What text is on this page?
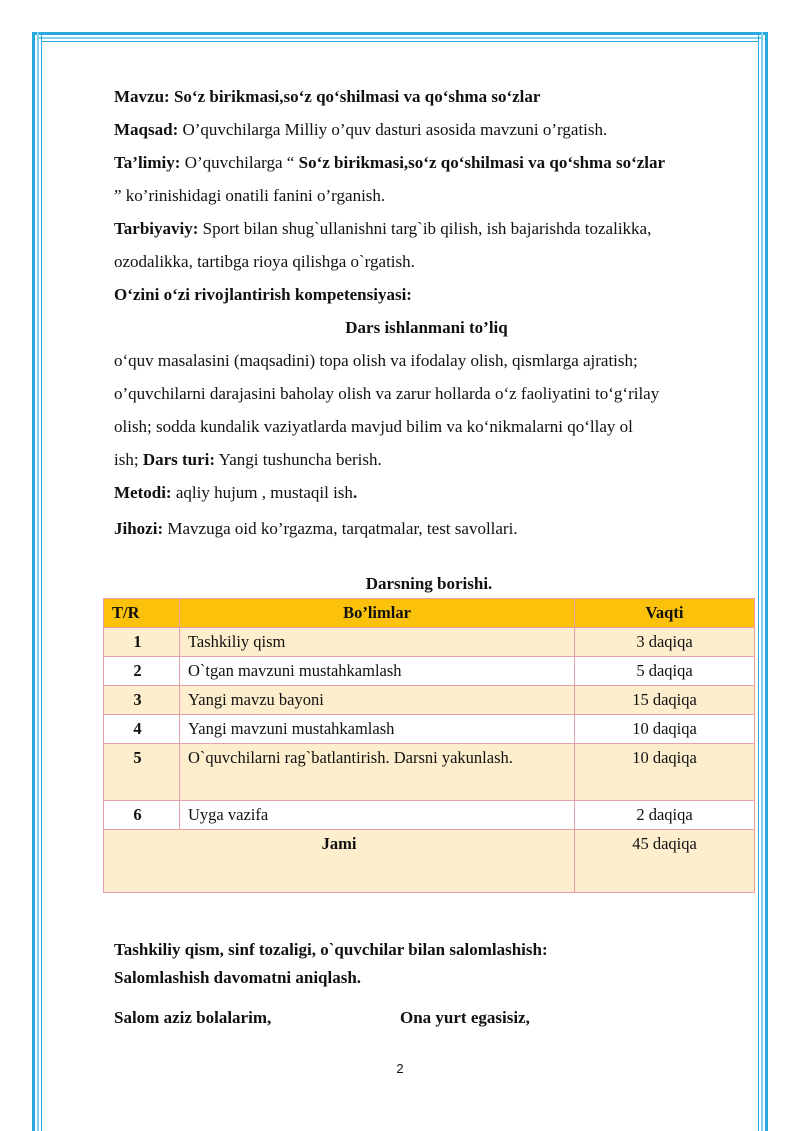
Mavzu: So‘z birikmasi,so‘z qo‘shilmasi va qo‘shma so‘zlar

Maqsad: O’quvchilarga Milliy o’quv dasturi asosida mavzuni o’rgatish.

Ta’limiy: O’quvchilarga “ So‘z birikmasi,so‘z qo‘shilmasi va qo‘shma so‘zlar

” ko’rinishidagi onatili fanini o’rganish.

Tarbiyaviy: Sport bilan shug`ullanishni targ`ib qilish, ish bajarishda tozalikka,

ozodalikka, tartibga rioya qilishga o`rgatish.

O‘zini o‘zi rivojlantirish kompetensiyasi:

Dars ishlanmani to’liq

o‘quv masalasini (maqsadini) topa olish va ifodalay olish, qismlarga ajratish;

o’quvchilarni darajasini baholay olish va zarur hollarda o‘z faoliyatini to‘g‘rilay

olish; sodda kundalik vaziyatlarda mavjud bilim va ko‘nikmalarni qo‘llay ol

ish; Dars turi: Yangi tushuncha berish.

Metodi: aqliy hujum , mustaqil ish.

Jihozi: Mavzuga oid ko’rgazma, tarqatmalar, test savollari.

Darsning borishi.
T/R	Bo’limlar	Vaqti
1	Tashkiliy qism	3 daqiqa
2	O`tgan mavzuni mustahkamlash	5 daqiqa
3	Yangi mavzu bayoni	15 daqiqa
4	Yangi mavzuni mustahkamlash	10 daqiqa
5	O`quvchilarni rag`batlantirish. Darsni yakunlash.	10 daqiqa
6	Uyga vazifa	2 daqiqa
Jami		45 daqiqa
Tashkiliy qism, sinf tozaligi, o`quvchilar bilan salomlashish:
Salomlashish davomatni aniqlash.
Salom aziz bolalarim,	Ona yurt egasisiz,
2
